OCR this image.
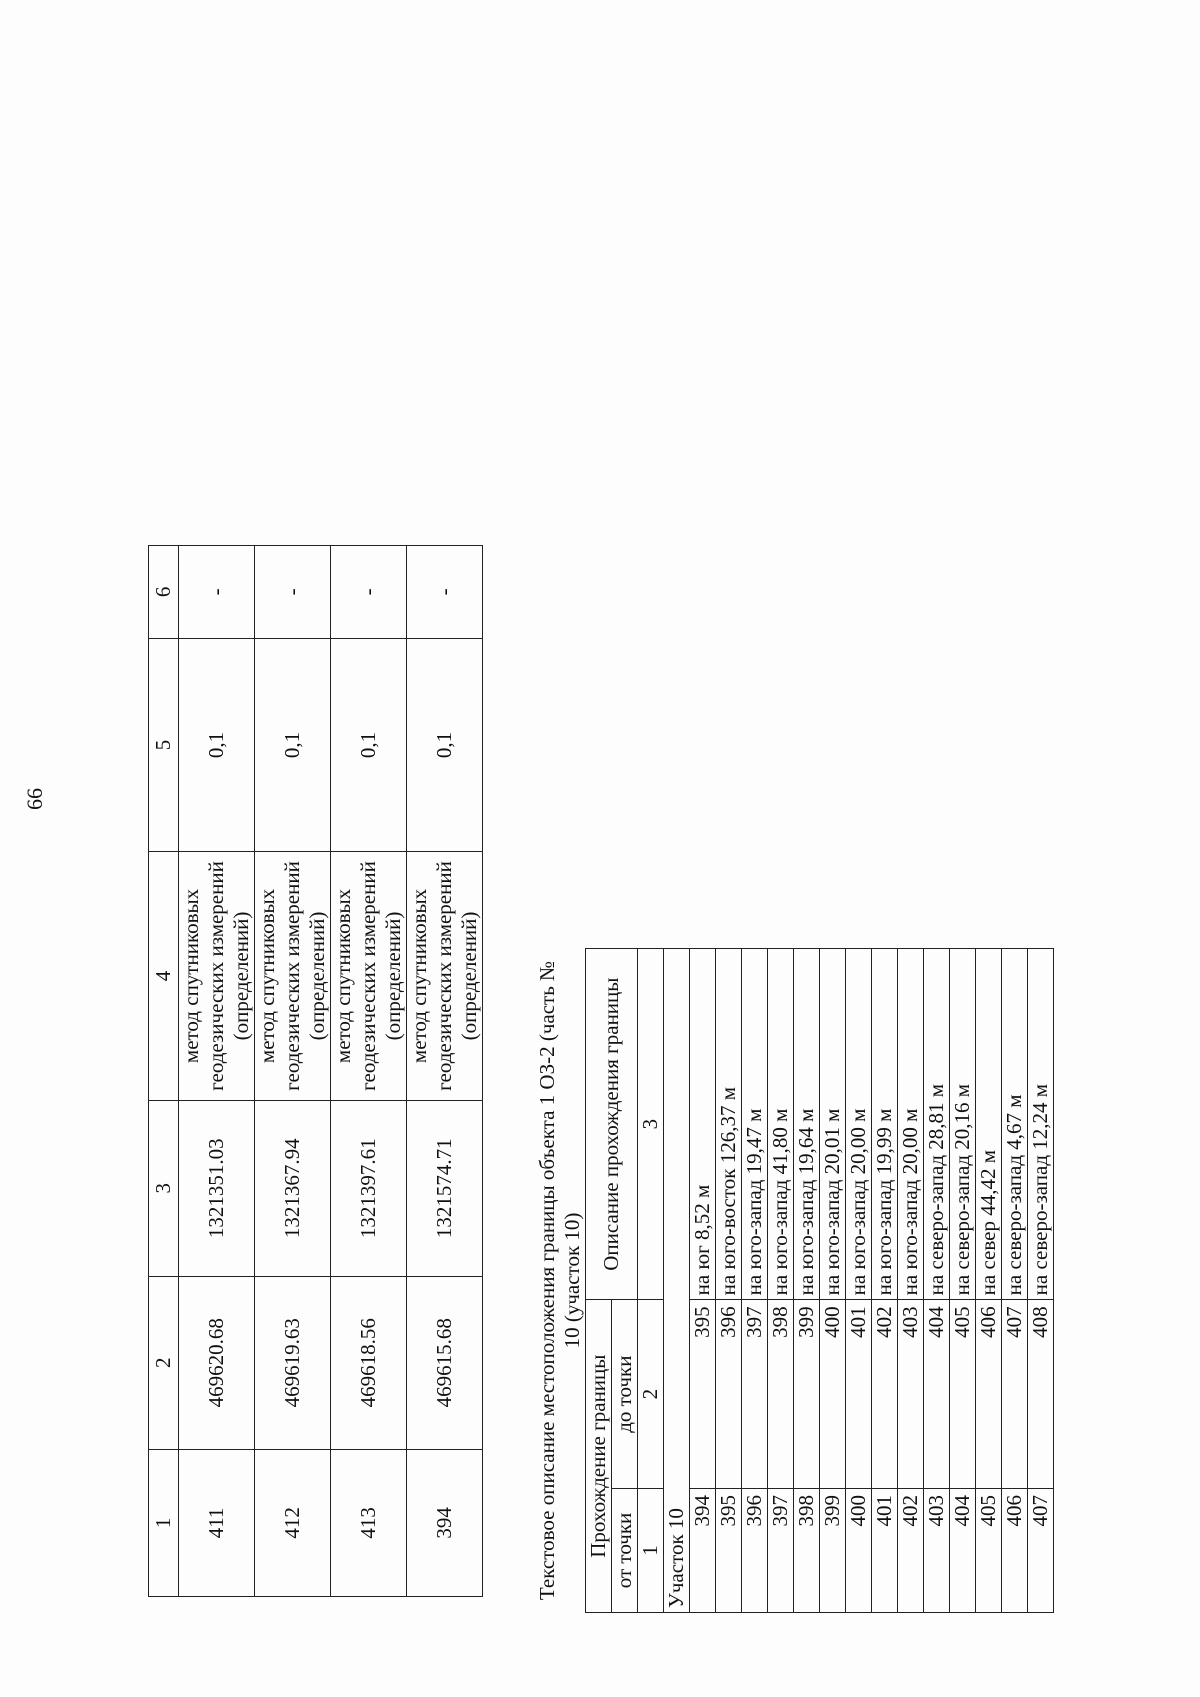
66
1	2	3	4	5	6
411	469620.68	1321351.03	метод спутниковых геодезических измерений (определений)	0,1	-
412	469619.63	1321367.94	метод спутниковых геодезических измерений (определений)	0,1	-
413	469618.56	1321397.61	метод спутниковых геодезических измерений (определений)	0,1	-
394	469615.68	1321574.71	метод спутниковых геодезических измерений (определений)	0,1	-
Текстовое описание местоположения границы объекта 1 ОЗ-2 (часть № 10 (участок 10)		
Прохождение границы		Описание прохождения границы
от точки	до точки	
1	2	3
Участок 10		
394	395	на юг 8,52 м
395	396	на юго-восток 126,37 м
396	397	на юго-запад 19,47 м
397	398	на юго-запад 41,80 м
398	399	на юго-запад 19,64 м
399	400	на юго-запад 20,01 м
400	401	на юго-запад 20,00 м
401	402	на юго-запад 19,99 м
402	403	на юго-запад 20,00 м
403	404	на северо-запад 28,81 м
404	405	на северо-запад 20,16 м
405	406	на север 44,42 м
406	407	на северо-запад 4,67 м
407	408	на северо-запад 12,24 м
